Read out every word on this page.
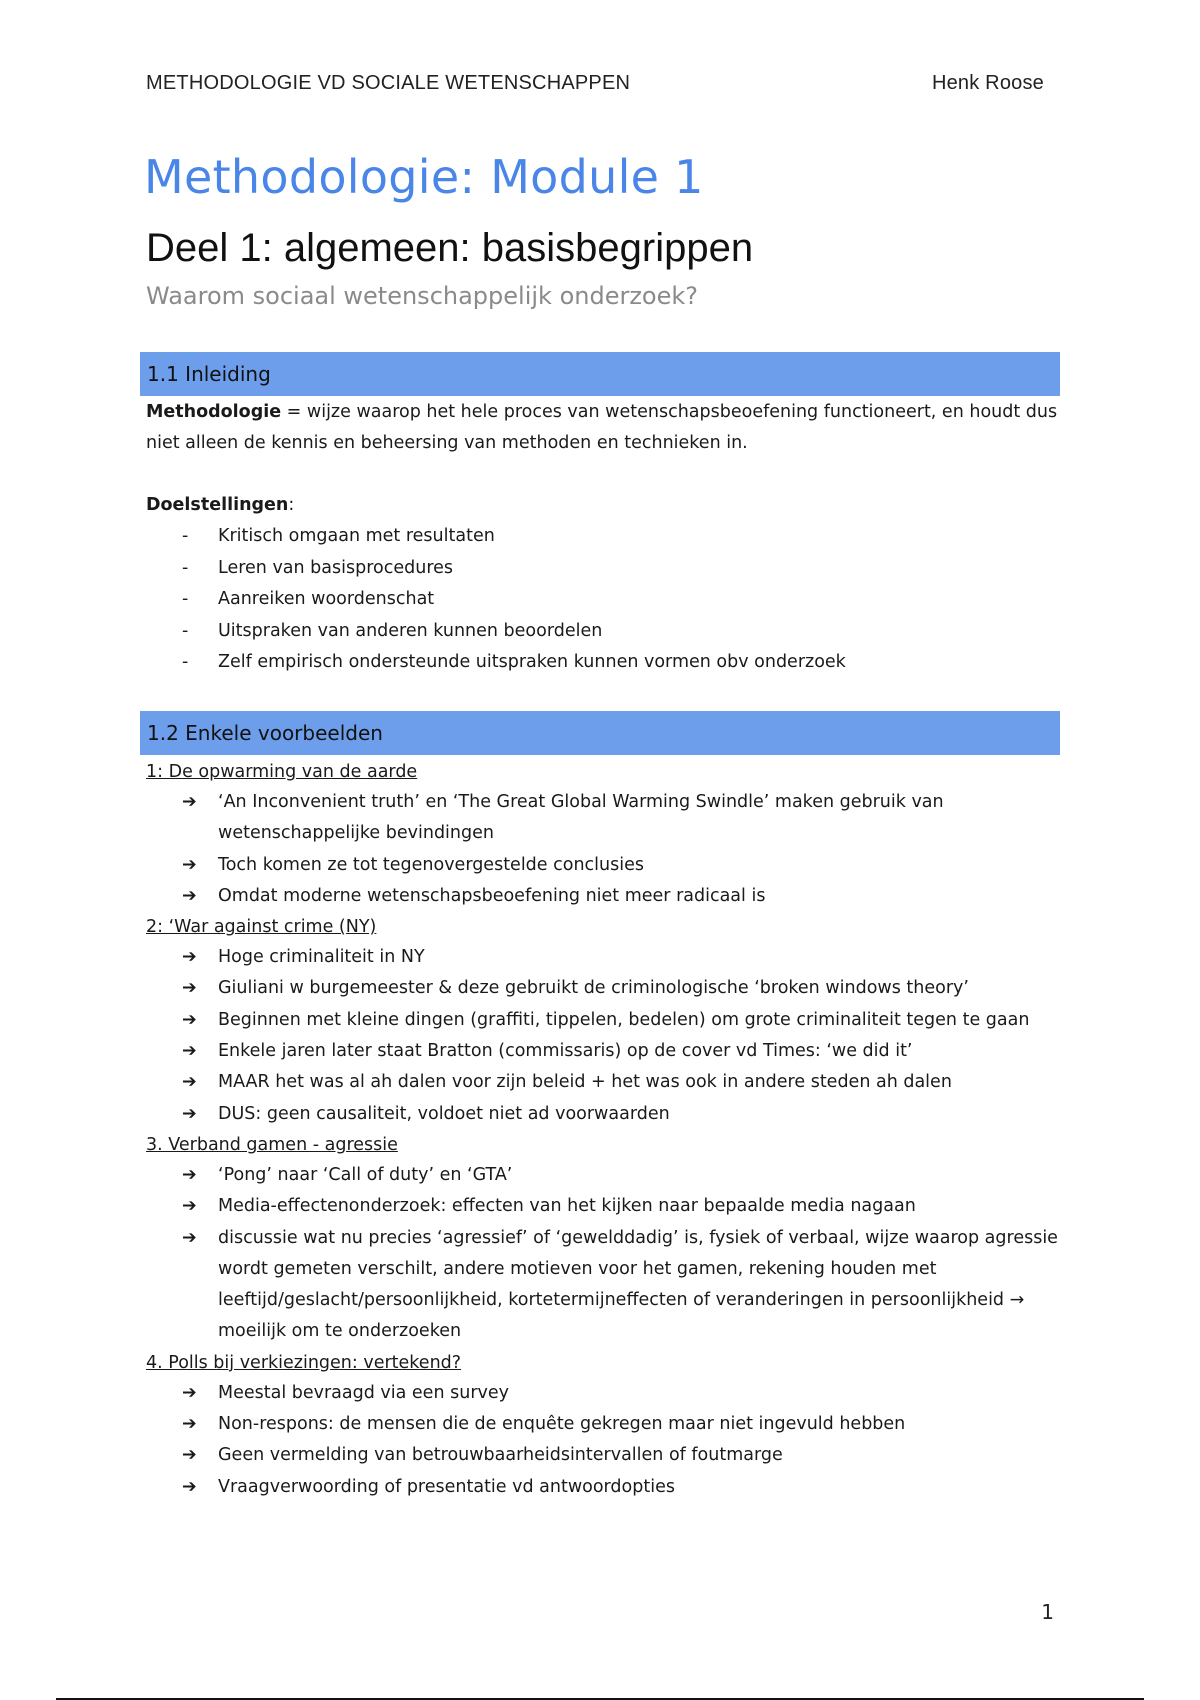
METHODOLOGIE VD SOCIALE WETENSCHAPPEN	Henk Roose
Methodologie: Module 1
Deel 1: algemeen: basisbegrippen
Waarom sociaal wetenschappelijk onderzoek?
1.1 Inleiding

Methodologie = wijze waarop het hele proces van wetenschapsbeoefening functioneert, en houdt dus niet alleen de kennis en beheersing van methoden en technieken in.

Doelstellingen:

- Kritisch omgaan met resultaten
- Leren van basisprocedures
- Aanreiken woordenschat
- Uitspraken van anderen kunnen beoordelen
- Zelf empirisch ondersteunde uitspraken kunnen vormen obv onderzoek
1.2 Enkele voorbeelden

1: De opwarming van de aarde

➔ ‘An Inconvenient truth’ en ‘The Great Global Warming Swindle’ maken gebruik van wetenschappelijke bevindingen
➔ Toch komen ze tot tegenovergestelde conclusies
➔ Omdat moderne wetenschapsbeoefening niet meer radicaal is

2: ‘War against crime (NY)

➔ Hoge criminaliteit in NY
➔ Giuliani w burgemeester & deze gebruikt de criminologische ‘broken windows theory’
➔ Beginnen met kleine dingen (graffiti, tippelen, bedelen) om grote criminaliteit tegen te gaan
➔ Enkele jaren later staat Bratton (commissaris) op de cover vd Times: ‘we did it’
➔ MAAR het was al ah dalen voor zijn beleid + het was ook in andere steden ah dalen
➔ DUS: geen causaliteit, voldoet niet ad voorwaarden

3. Verband gamen - agressie

➔ ‘Pong’ naar ‘Call of duty’ en ‘GTA’
➔ Media-effectenonderzoek: effecten van het kijken naar bepaalde media nagaan
➔ discussie wat nu precies ‘agressief’ of ‘gewelddadig’ is, fysiek of verbaal, wijze waarop agressie wordt gemeten verschilt, andere motieven voor het gamen, rekening houden met leeftijd/geslacht/persoonlijkheid, kortetermijneffecten of veranderingen in persoonlijkheid → moeilijk om te onderzoeken

4. Polls bij verkiezingen: vertekend?

➔ Meestal bevraagd via een survey
➔ Non-respons: de mensen die de enquête gekregen maar niet ingevuld hebben
➔ Geen vermelding van betrouwbaarheidsintervallen of foutmarge
➔ Vraagverwoording of presentatie vd antwoordopties
1
